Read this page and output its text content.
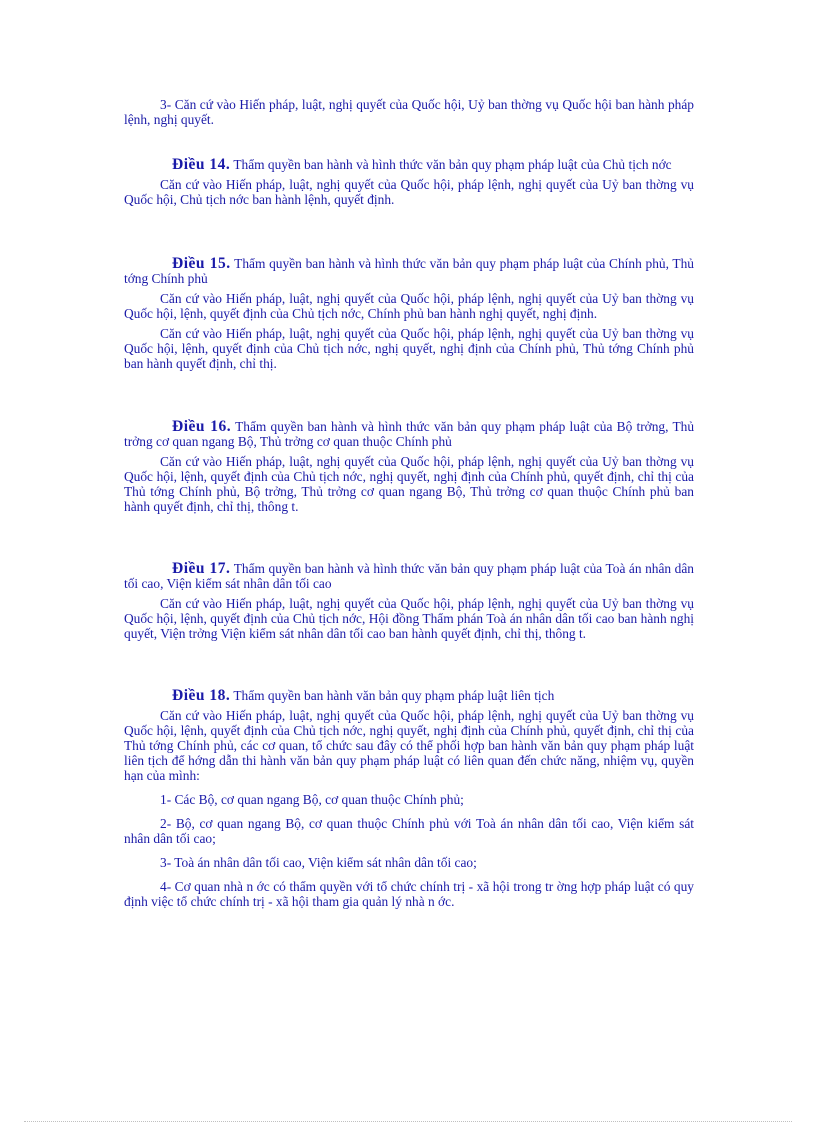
3- Căn cứ vào Hiến pháp, luật, nghị quyết của Quốc hội, Uỷ ban thờng vụ Quốc hội ban hành pháp lệnh, nghị quyết.

Điều 14. Thẩm quyền ban hành và hình thức văn bản quy phạm pháp luật của Chủ tịch nớc

Căn cứ vào Hiến pháp, luật, nghị quyết của Quốc hội, pháp lệnh, nghị quyết của Uỷ ban thờng vụ Quốc hội, Chủ tịch nớc ban hành lệnh, quyết định.

Điều 15. Thẩm quyền ban hành và hình thức văn bản quy phạm pháp luật của Chính phủ, Thủ tớng Chính phủ

Căn cứ vào Hiến pháp, luật, nghị quyết của Quốc hội, pháp lệnh, nghị quyết của Uỷ ban thờng vụ Quốc hội, lệnh, quyết định của Chủ tịch nớc, Chính phủ ban hành nghị quyết, nghị định.

Căn cứ vào Hiến pháp, luật, nghị quyết của Quốc hội, pháp lệnh, nghị quyết của Uỷ ban thờng vụ Quốc hội, lệnh, quyết định của Chủ tịch nớc, nghị quyết, nghị định của Chính phủ, Thủ tớng Chính phủ ban hành quyết định, chỉ thị.

Điều 16. Thẩm quyền ban hành và hình thức văn bản quy phạm pháp luật của Bộ trởng, Thủ trởng cơ quan ngang Bộ, Thủ trởng cơ quan thuộc Chính phủ

Căn cứ vào Hiến pháp, luật, nghị quyết của Quốc hội, pháp lệnh, nghị quyết của Uỷ ban thờng vụ Quốc hội, lệnh, quyết định của Chủ tịch nớc, nghị quyết, nghị định của Chính phủ, quyết định, chỉ thị của Thủ tớng Chính phủ, Bộ trởng, Thủ trởng cơ quan ngang Bộ, Thủ trởng cơ quan thuộc Chính phủ ban hành quyết định, chỉ thị, thông t.

Điều 17. Thẩm quyền ban hành và hình thức văn bản quy phạm pháp luật của Toà án nhân dân tối cao, Viện kiểm sát nhân dân tối cao

Căn cứ vào Hiến pháp, luật, nghị quyết của Quốc hội, pháp lệnh, nghị quyết của Uỷ ban thờng vụ Quốc hội, lệnh, quyết định của Chủ tịch nớc, Hội đồng Thẩm phán Toà án nhân dân tối cao ban hành nghị quyết, Viện trởng Viện kiểm sát nhân dân tối cao ban hành quyết định, chỉ thị, thông t.

Điều 18. Thẩm quyền ban hành văn bản quy phạm pháp luật liên tịch

Căn cứ vào Hiến pháp, luật, nghị quyết của Quốc hội, pháp lệnh, nghị quyết của Uỷ ban thờng vụ Quốc hội, lệnh, quyết định của Chủ tịch nớc, nghị quyết, nghị định của Chính phủ, quyết định, chỉ thị của Thủ tớng Chính phủ, các cơ quan, tổ chức sau đây có thể phối hợp ban hành văn bản quy phạm pháp luật liên tịch để hớng dẫn thi hành văn bản quy phạm pháp luật có liên quan đến chức năng, nhiệm vụ, quyền hạn của mình:

1- Các Bộ, cơ quan ngang Bộ, cơ quan thuộc Chính phủ;

2- Bộ, cơ quan ngang Bộ, cơ quan thuộc Chính phủ với Toà án nhân dân tối cao, Viện kiểm sát nhân dân tối cao;

3- Toà án nhân dân tối cao, Viện kiểm sát nhân dân tối cao;

4- Cơ quan nhà n ớc có thẩm quyền với tổ chức chính trị - xã hội trong tr ờng hợp pháp luật có quy định việc tổ chức chính trị - xã hội tham gia quản lý nhà n ớc.
